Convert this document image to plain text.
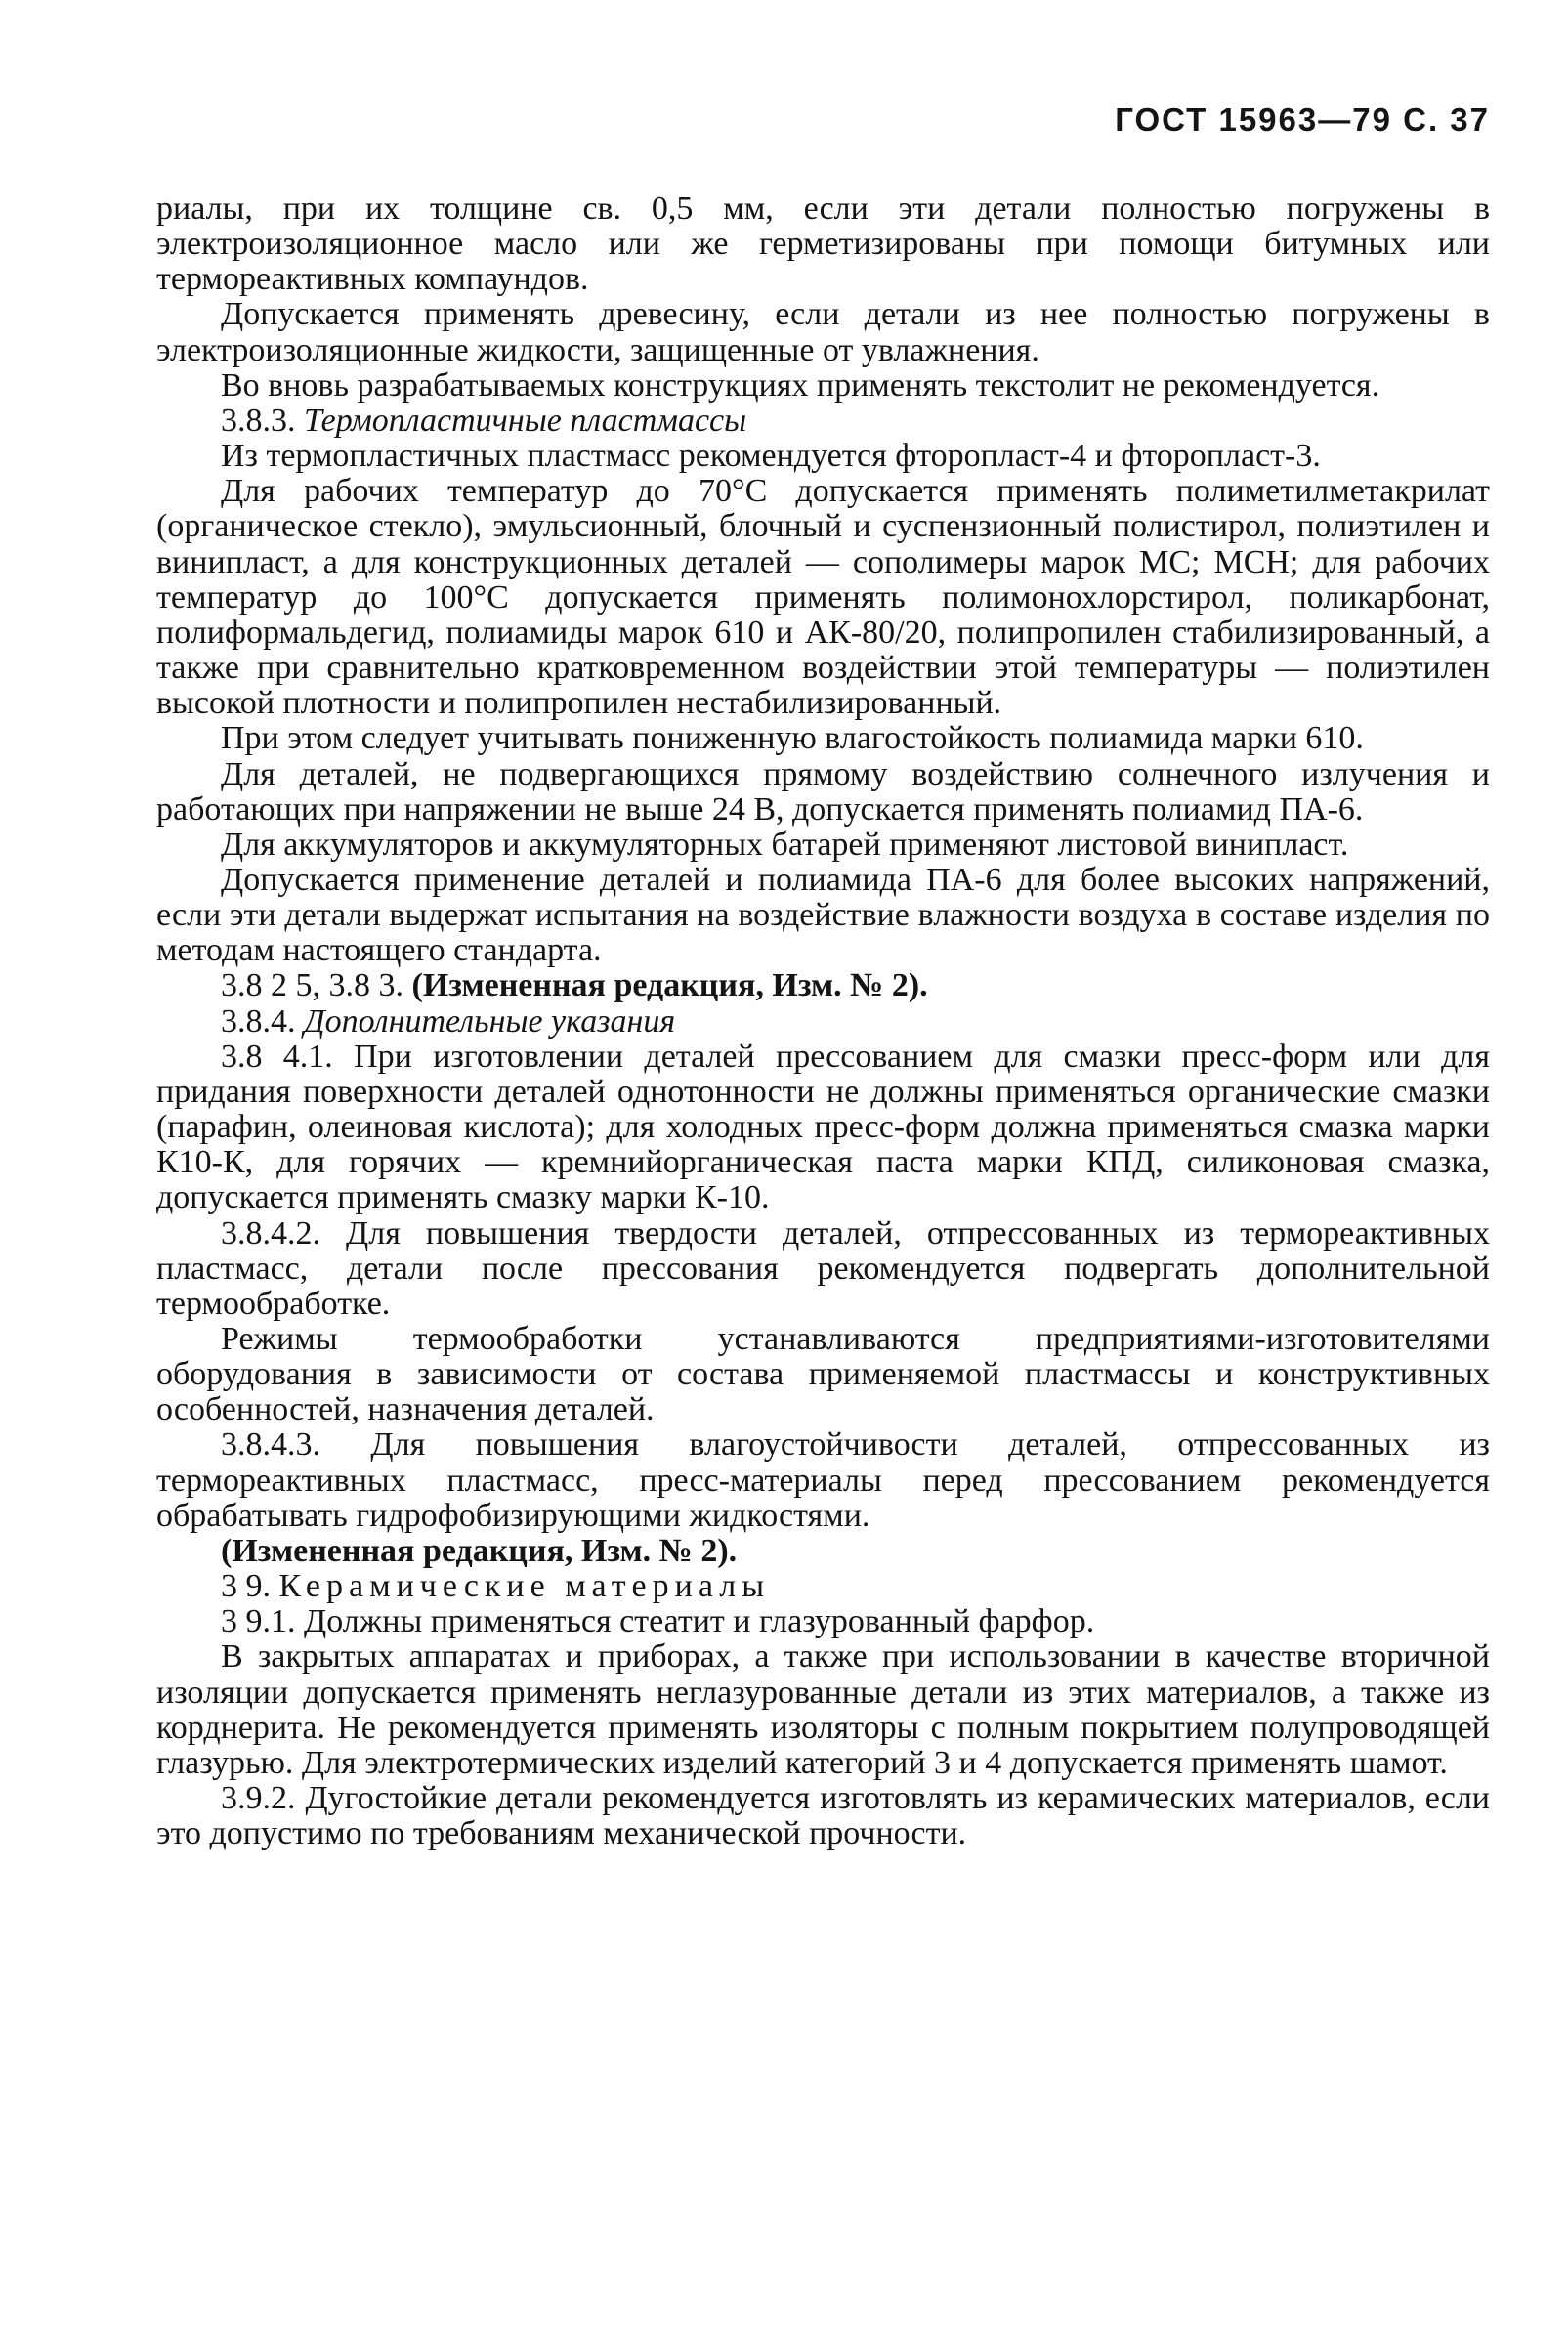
ГОСТ 15963—79 С. 37

риалы, при их толщине св. 0,5 мм, если эти детали полностью погружены в электроизоляционное масло или же герметизированы при помощи битумных или термореактивных компаундов.

Допускается применять древесину, если детали из нее полностью погружены в электроизоляционные жидкости, защищенные от увлажнения.

Во вновь разрабатываемых конструкциях применять текстолит не рекомендуется.

3.8.3. Термопластичные пластмассы

Из термопластичных пластмасс рекомендуется фторопласт-4 и фторопласт-3.

Для рабочих температур до 70°С допускается применять полиметилметакрилат (органическое стекло), эмульсионный, блочный и суспензионный полистирол, полиэтилен и винипласт, а для конструкционных деталей — сополимеры марок МС; МСН; для рабочих температур до 100°С допускается применять полимонохлорстирол, поликарбонат, полиформальдегид, полиамиды марок 610 и АК-80/20, полипропилен стабилизированный, а также при сравнительно кратковременном воздействии этой температуры — полиэтилен высокой плотности и полипропилен нестабилизированный.

При этом следует учитывать пониженную влагостойкость полиамида марки 610.

Для деталей, не подвергающихся прямому воздействию солнечного излучения и работающих при напряжении не выше 24 В, допускается применять полиамид ПА-6.

Для аккумуляторов и аккумуляторных батарей применяют листовой винипласт.

Допускается применение деталей и полиамида ПА-6 для более высоких напряжений, если эти детали выдержат испытания на воздействие влажности воздуха в составе изделия по методам настоящего стандарта.

3.8 2 5, 3.8 3. (Измененная редакция, Изм. № 2).

3.8.4. Дополнительные указания

3.8 4.1. При изготовлении деталей прессованием для смазки пресс-форм или для придания поверхности деталей однотонности не должны применяться органические смазки (парафин, олеиновая кислота); для холодных пресс-форм должна применяться смазка марки К10-К, для горячих — кремнийорганическая паста марки КПД, силиконовая смазка, допускается применять смазку марки К-10.

3.8.4.2. Для повышения твердости деталей, отпрессованных из термореактивных пластмасс, детали после прессования рекомендуется подвергать дополнительной термообработке.

Режимы термообработки устанавливаются предприятиями-изготовителями оборудования в зависимости от состава применяемой пластмассы и конструктивных особенностей, назначения деталей.

3.8.4.3. Для повышения влагоустойчивости деталей, отпрессованных из термореактивных пластмасс, пресс-материалы перед прессованием рекомендуется обрабатывать гидрофобизирующими жидкостями.

(Измененная редакция, Изм. № 2).

3 9. Керамические материалы

3 9.1. Должны применяться стеатит и глазурованный фарфор.

В закрытых аппаратах и приборах, а также при использовании в качестве вторичной изоляции допускается применять неглазурованные детали из этих материалов, а также из корднерита. Не рекомендуется применять изоляторы с полным покрытием полупроводящей глазурью. Для электротермических изделий категорий 3 и 4 допускается применять шамот.

3.9.2. Дугостойкие детали рекомендуется изготовлять из керамических материалов, если это допустимо по требованиям механической прочности.
